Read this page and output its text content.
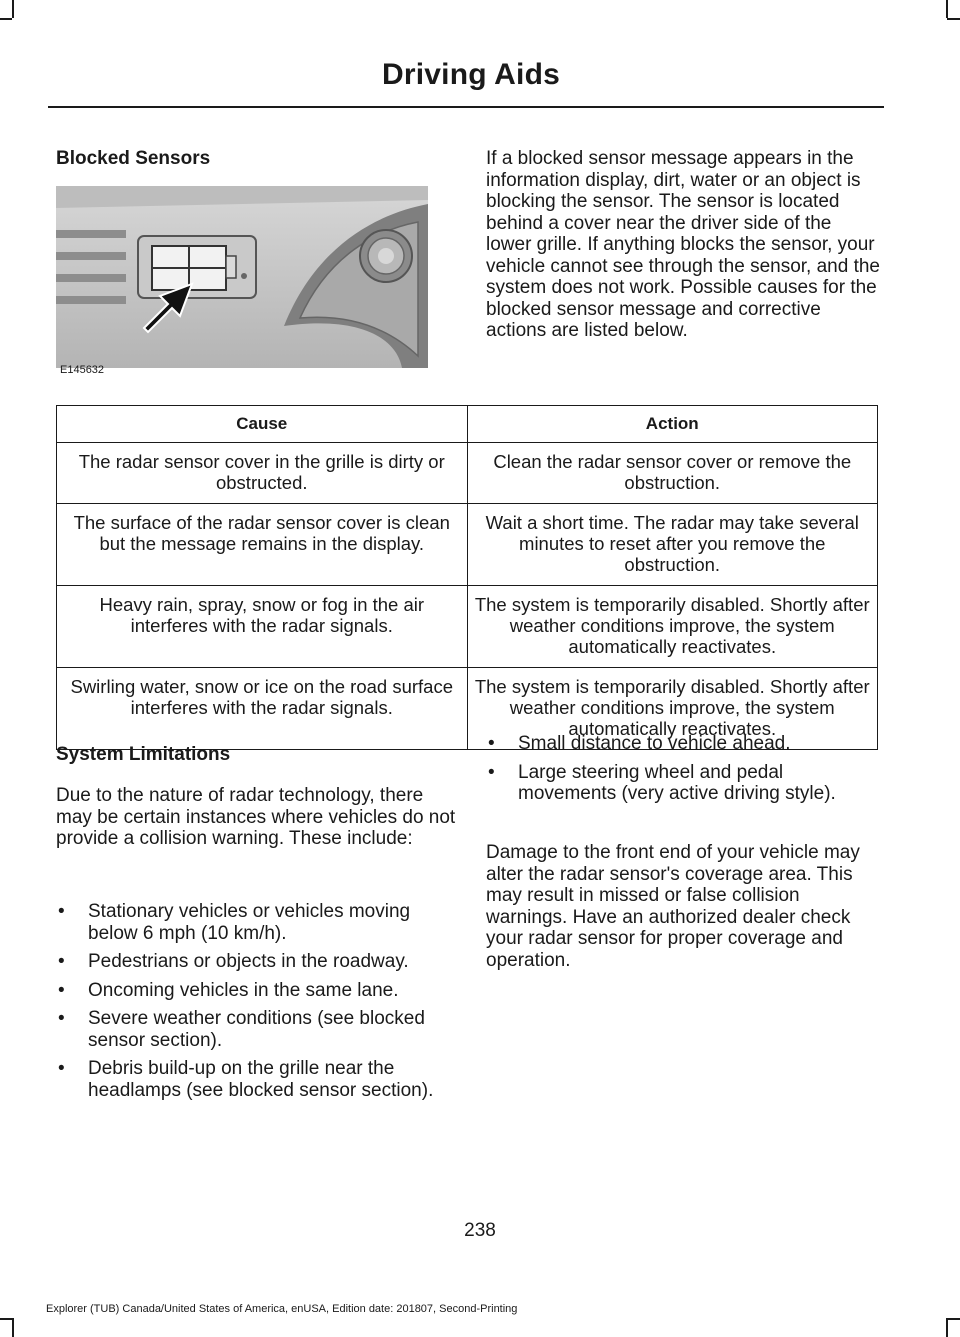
Driving Aids
Blocked Sensors
E145632

If a blocked sensor message appears in the information display, dirt, water or an object is blocking the sensor. The sensor is located behind a cover near the driver side of the lower grille. If anything blocks the sensor, your vehicle cannot see through the sensor, and the system does not work. Possible causes for the blocked sensor message and corrective actions are listed below.

Cause	Action
The radar sensor cover in the grille is dirty or obstructed.	Clean the radar sensor cover or remove the obstruction.
The surface of the radar sensor cover is clean but the message remains in the display.	Wait a short time. The radar may take several minutes to reset after you remove the obstruction.
Heavy rain, spray, snow or fog in the air interferes with the radar signals.	The system is temporarily disabled. Shortly after weather conditions improve, the system automatically reactivates.
Swirling water, snow or ice on the road surface interferes with the radar signals.	The system is temporarily disabled. Shortly after weather conditions improve, the system automatically reactivates.
System Limitations

Due to the nature of radar technology, there may be certain instances where vehicles do not provide a collision warning. These include:

• Stationary vehicles or vehicles moving below 6 mph (10 km/h).
• Pedestrians or objects in the roadway.
• Oncoming vehicles in the same lane.
• Severe weather conditions (see blocked sensor section).
• Debris build-up on the grille near the headlamps (see blocked sensor section).
• Small distance to vehicle ahead.
• Large steering wheel and pedal movements (very active driving style).

Damage to the front end of your vehicle may alter the radar sensor's coverage area. This may result in missed or false collision warnings. Have an authorized dealer check your radar sensor for proper coverage and operation.

238
Explorer (TUB) Canada/United States of America, enUSA, Edition date: 201807, Second-Printing
